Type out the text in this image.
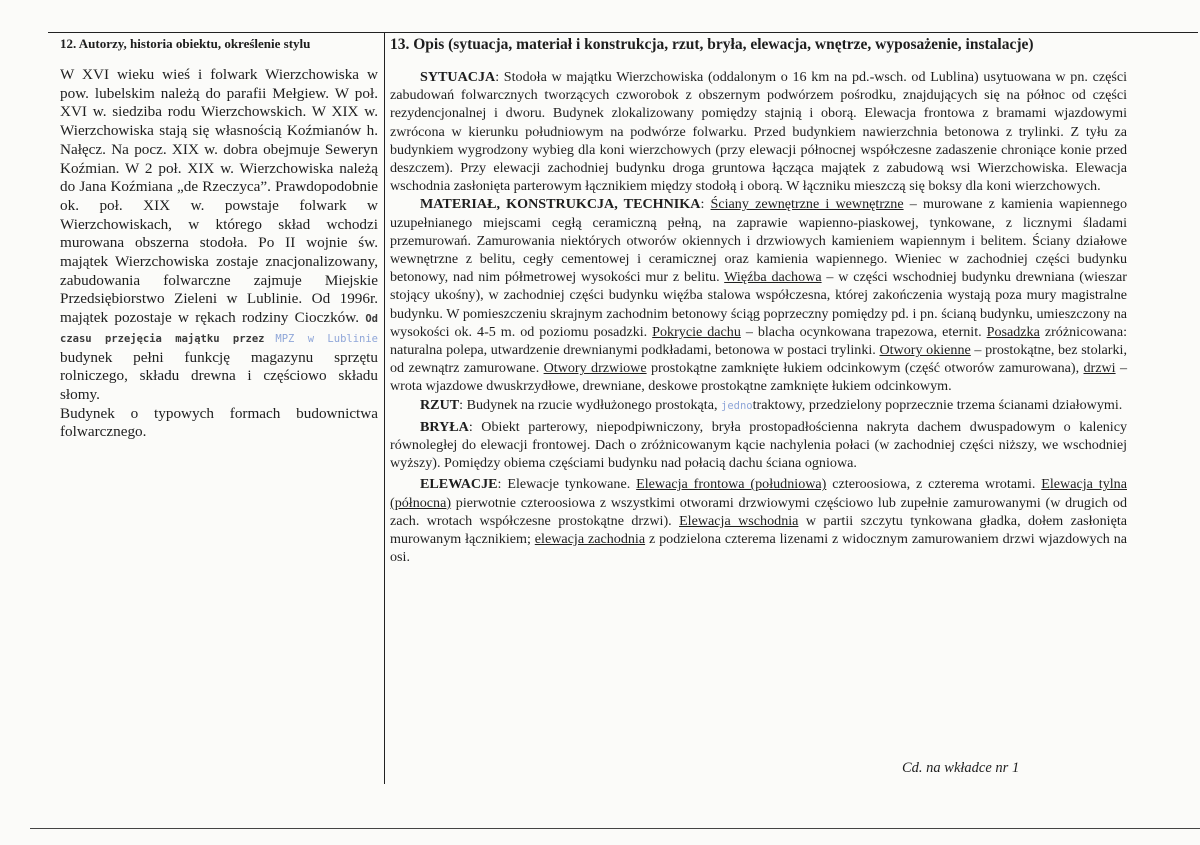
12. Autorzy, historia obiektu, określenie stylu

W XVI wieku wieś i folwark Wierzchowiska w pow. lubelskim należą do parafii Mełgiew. W poł. XVI w. siedziba rodu Wierzchowskich. W XIX w. Wierzchowiska stają się własnością Koźmianów h. Nałęcz. Na pocz. XIX w. dobra obejmuje Seweryn Koźmian. W 2 poł. XIX w. Wierzchowiska należą do Jana Koźmiana „de Rzeczyca”. Prawdopodobnie ok. poł. XIX w. powstaje folwark w Wierzchowiskach, w którego skład wchodzi murowana obszerna stodoła. Po II wojnie św. majątek Wierzchowiska zostaje znacjonalizowany, zabudowania folwarczne zajmuje Miejskie Przedsiębiorstwo Zieleni w Lublinie. Od 1996r. majątek pozostaje w rękach rodziny Cioczków. Od czasu przejęcia majątku przez MPZ w Lublinie budynek pełni funkcję magazynu sprzętu rolniczego, składu drewna i częściowo składu słomy.

Budynek o typowych formach budownictwa folwarcznego.

13. Opis (sytuacja, materiał i konstrukcja, rzut, bryła, elewacja, wnętrze, wyposażenie, instalacje)

SYTUACJA: Stodoła w majątku Wierzchowiska (oddalonym o 16 km na pd.-wsch. od Lublina) usytuowana w pn. części zabudowań folwarcznych tworzących czworobok z obszernym podwórzem pośrodku, znajdujących się na północ od części rezydencjonalnej i dworu. Budynek zlokalizowany pomiędzy stajnią i oborą. Elewacja frontowa z bramami wjazdowymi zwrócona w kierunku południowym na podwórze folwarku. Przed budynkiem nawierzchnia betonowa z trylinki. Z tyłu za budynkiem wygrodzony wybieg dla koni wierzchowych (przy elewacji północnej współczesne zadaszenie chroniące konie przed deszczem). Przy elewacji zachodniej budynku droga gruntowa łącząca majątek z zabudową wsi Wierzchowiska. Elewacja wschodnia zasłonięta parterowym łącznikiem między stodołą i oborą. W łączniku mieszczą się boksy dla koni wierzchowych.

MATERIAŁ, KONSTRUKCJA, TECHNIKA: Ściany zewnętrzne i wewnętrzne – murowane z kamienia wapiennego uzupełnianego miejscami cegłą ceramiczną pełną, na zaprawie wapienno-piaskowej, tynkowane, z licznymi śladami przemurowań. Zamurowania niektórych otworów okiennych i drzwiowych kamieniem wapiennym i belitem. Ściany działowe wewnętrzne z belitu, cegły cementowej i ceramicznej oraz kamienia wapiennego. Wieniec w zachodniej części budynku betonowy, nad nim półmetrowej wysokości mur z belitu. Więźba dachowa – w części wschodniej budynku drewniana (wieszar stojący ukośny), w zachodniej części budynku więźba stalowa współczesna, której zakończenia wystają poza mury magistralne budynku. W pomieszczeniu skrajnym zachodnim betonowy ściąg poprzeczny pomiędzy pd. i pn. ścianą budynku, umieszczony na wysokości ok. 4-5 m. od poziomu posadzki. Pokrycie dachu – blacha ocynkowana trapezowa, eternit. Posadzka zróżnicowana: naturalna polepa, utwardzenie drewnianymi podkładami, betonowa w postaci trylinki. Otwory okienne – prostokątne, bez stolarki, od zewnątrz zamurowane. Otwory drzwiowe prostokątne zamknięte łukiem odcinkowym (część otworów zamurowana), drzwi – wrota wjazdowe dwuskrzydłowe, drewniane, deskowe prostokątne zamknięte łukiem odcinkowym.

RZUT: Budynek na rzucie wydłużonego prostokąta, jednotraktowy, przedzielony poprzecznie trzema ścianami działowymi.

BRYŁA: Obiekt parterowy, niepodpiwniczony, bryła prostopadłościenna nakryta dachem dwuspadowym o kalenicy równoległej do elewacji frontowej. Dach o zróżnicowanym kącie nachylenia połaci (w zachodniej części niższy, we wschodniej wyższy). Pomiędzy obiema częściami budynku nad połacią dachu ściana ogniowa.

ELEWACJE: Elewacje tynkowane. Elewacja frontowa (południowa) czteroosiowa, z czterema wrotami. Elewacja tylna (północna) pierwotnie czteroosiowa z wszystkimi otworami drzwiowymi częściowo lub zupełnie zamurowanymi (w drugich od zach. wrotach współczesne prostokątne drzwi). Elewacja wschodnia w partii szczytu tynkowana gładka, dołem zasłonięta murowanym łącznikiem; elewacja zachodnia z podzielona czterema lizenami z widocznym zamurowaniem drzwi wjazdowych na osi.

Cd. na wkładce nr 1
